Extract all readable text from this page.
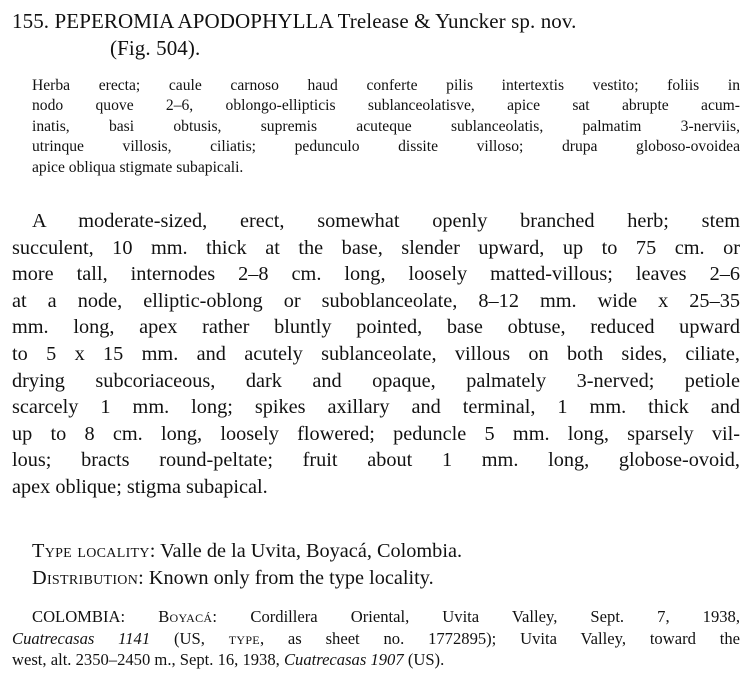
155. PEPEROMIA APODOPHYLLA Trelease & Yuncker sp. nov.
(Fig. 504).
Herba erecta; caule carnoso haud conferte pilis intertextis vestito; foliis in
nodo quove 2–6, oblongo-ellipticis sublanceolatisve, apice sat abrupte acum-
inatis, basi obtusis, supremis acuteque sublanceolatis, palmatim 3-nerviis,
utrinque villosis, ciliatis; pedunculo dissite villoso; drupa globoso-ovoidea
apice obliqua stigmate subapicali.
A moderate-sized, erect, somewhat openly branched herb; stem
succulent, 10 mm. thick at the base, slender upward, up to 75 cm. or
more tall, internodes 2–8 cm. long, loosely matted-villous; leaves 2–6
at a node, elliptic-oblong or suboblanceolate, 8–12 mm. wide x 25–35
mm. long, apex rather bluntly pointed, base obtuse, reduced upward
to 5 x 15 mm. and acutely sublanceolate, villous on both sides, ciliate,
drying subcoriaceous, dark and opaque, palmately 3-nerved; petiole
scarcely 1 mm. long; spikes axillary and terminal, 1 mm. thick and
up to 8 cm. long, loosely flowered; peduncle 5 mm. long, sparsely vil-
lous; bracts round-peltate; fruit about 1 mm. long, globose-ovoid,
apex oblique; stigma subapical.
Type locality: Valle de la Uvita, Boyacá, Colombia.
Distribution: Known only from the type locality.
COLOMBIA: Boyacá: Cordillera Oriental, Uvita Valley, Sept. 7, 1938,
Cuatrecasas 1141 (US, type, as sheet no. 1772895); Uvita Valley, toward the
west, alt. 2350–2450 m., Sept. 16, 1938, Cuatrecasas 1907 (US).
